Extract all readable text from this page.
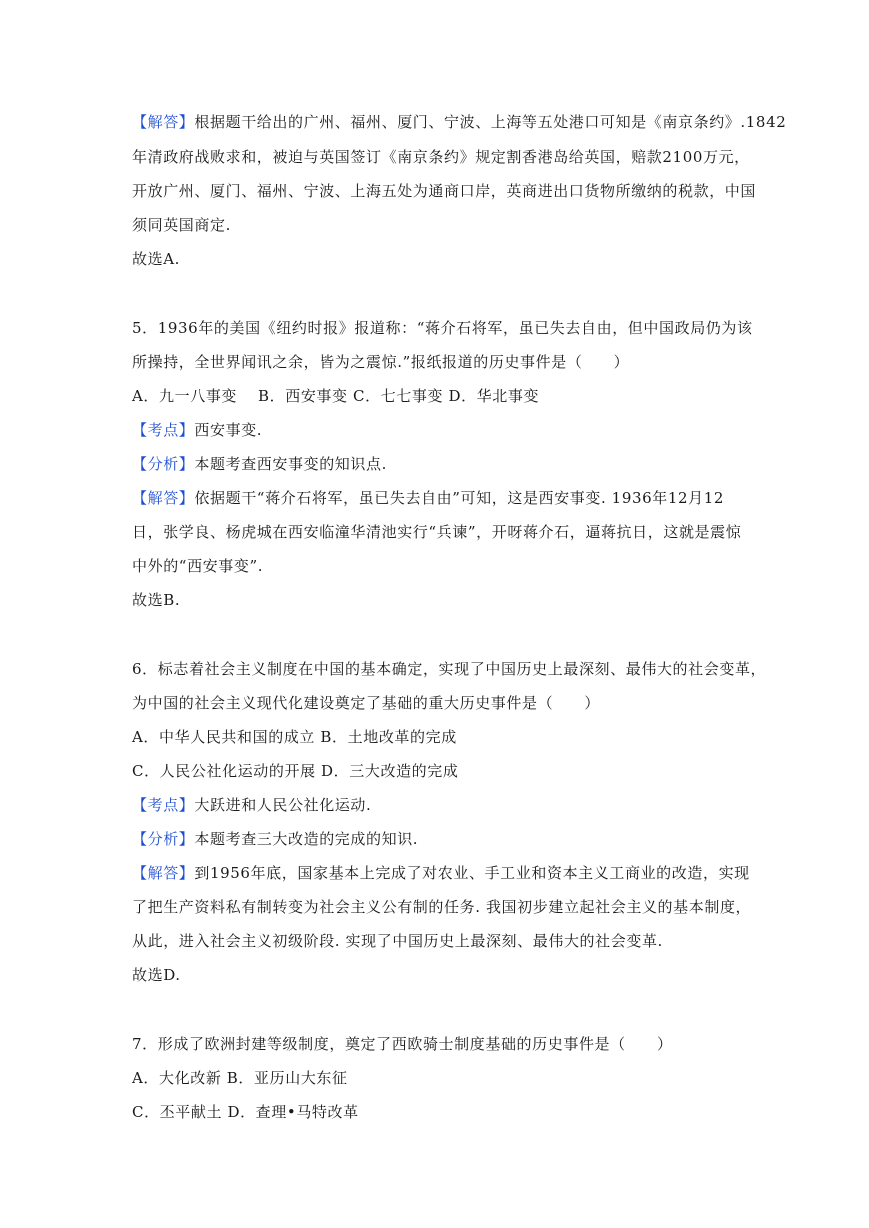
【解答】根据题干给出的广州、福州、厦门、宁波、上海等五处港口可知是《南京条约》.1842
年清政府战败求和，被迫与英国签订《南京条约》规定割香港岛给英国，赔款2100万元，
开放广州、厦门、福州、宁波、上海五处为通商口岸，英商进出口货物所缴纳的税款，中国
须同英国商定.
故选A.
5．1936年的美国《纽约时报》报道称：“蒋介石将军，虽已失去自由，但中国政局仍为该
所操持，全世界闻讯之余，皆为之震惊.”报纸报道的历史事件是（　　）
A．九一八事变　 B．西安事变 C．七七事变 D．华北事变
【考点】西安事变.
【分析】本题考查西安事变的知识点.
【解答】依据题干“蒋介石将军，虽已失去自由”可知，这是西安事变. 1936年12月12
日，张学良、杨虎城在西安临潼华清池实行“兵谏”，开呀蒋介石，逼蒋抗日，这就是震惊
中外的“西安事变”.
故选B.
6．标志着社会主义制度在中国的基本确定，实现了中国历史上最深刻、最伟大的社会变革，
为中国的社会主义现代化建设奠定了基础的重大历史事件是（　　）
A．中华人民共和国的成立 B．土地改革的完成
C．人民公社化运动的开展 D．三大改造的完成
【考点】大跃进和人民公社化运动.
【分析】本题考查三大改造的完成的知识.
【解答】到1956年底，国家基本上完成了对农业、手工业和资本主义工商业的改造，实现
了把生产资料私有制转变为社会主义公有制的任务. 我国初步建立起社会主义的基本制度，
从此，进入社会主义初级阶段. 实现了中国历史上最深刻、最伟大的社会变革.
故选D.
7．形成了欧洲封建等级制度，奠定了西欧骑士制度基础的历史事件是（　　）
A．大化改新 B．亚历山大东征
C．丕平献土 D．查理•马特改革
